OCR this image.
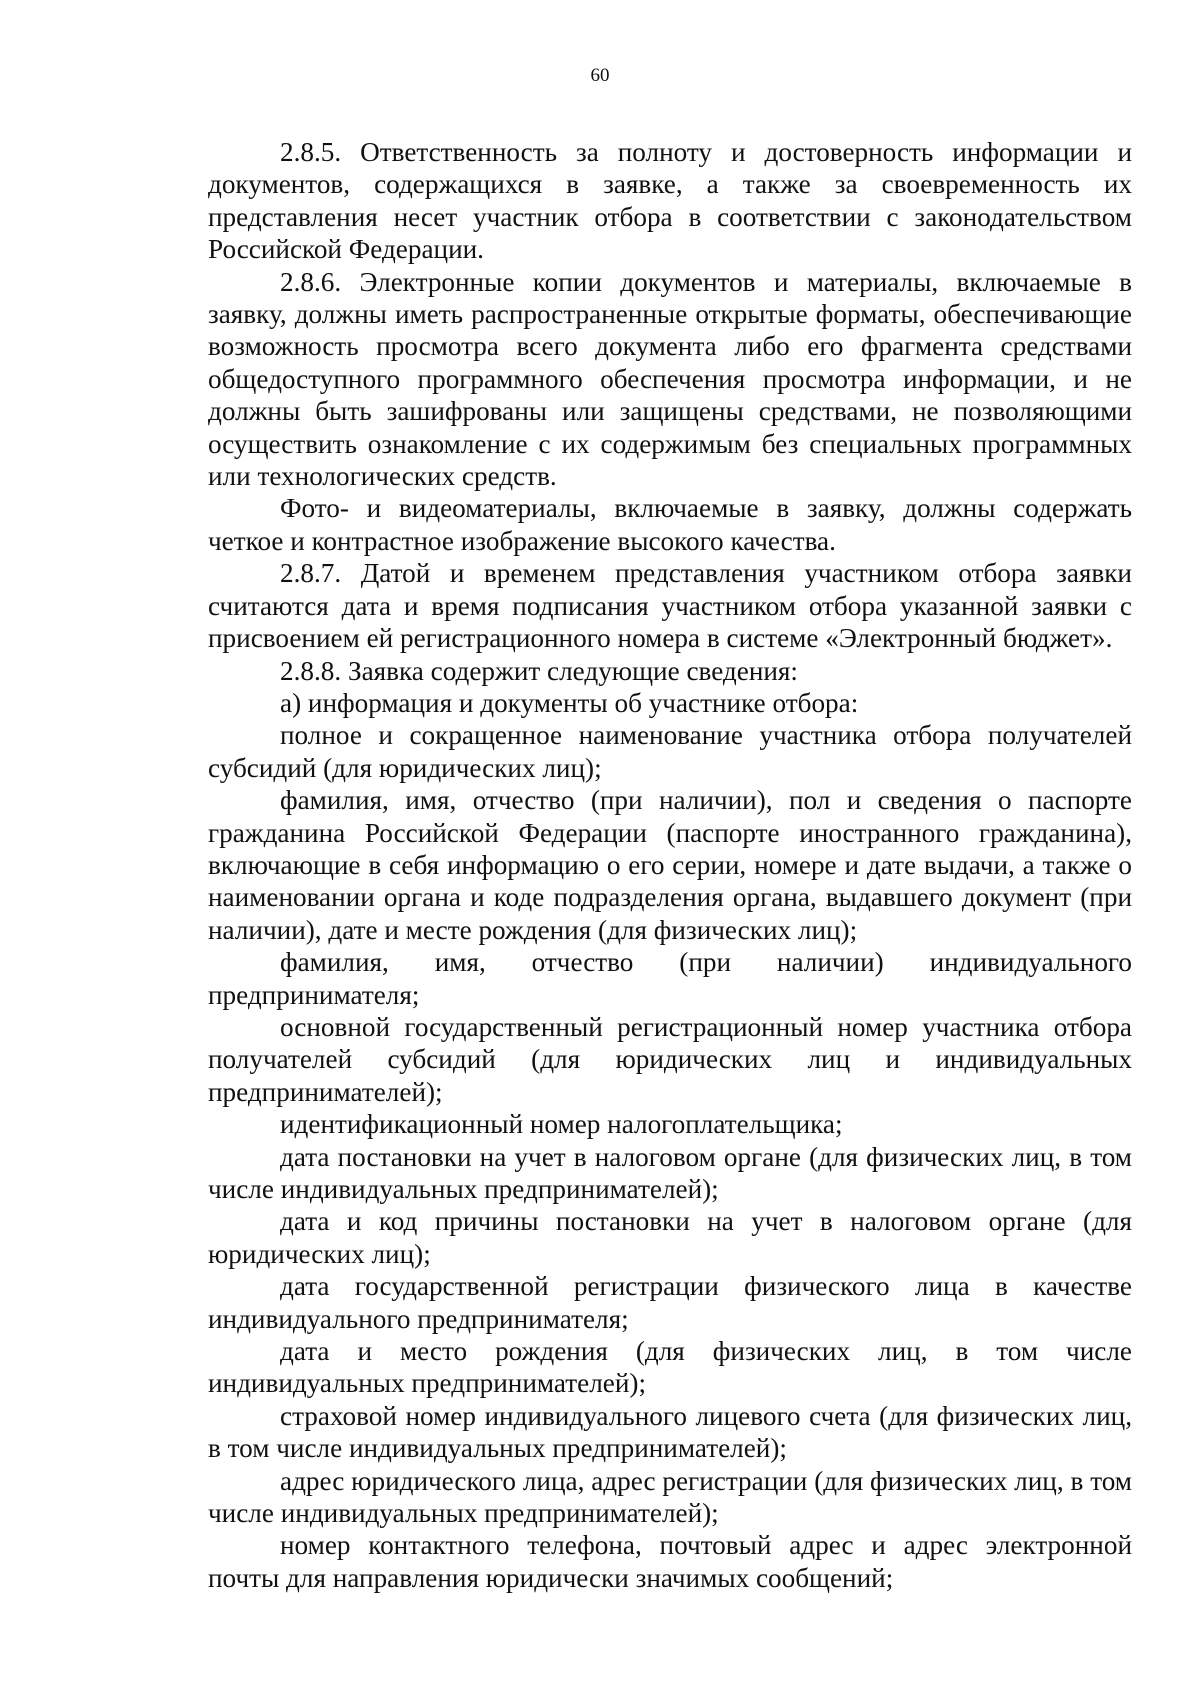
60

2.8.5. Ответственность за полноту и достоверность информации и документов, содержащихся в заявке, а также за своевременность их представления несет участник отбора в соответствии с законодательством Российской Федерации.

2.8.6. Электронные копии документов и материалы, включаемые в заявку, должны иметь распространенные открытые форматы, обеспечивающие возможность просмотра всего документа либо его фрагмента средствами общедоступного программного обеспечения просмотра информации, и не должны быть зашифрованы или защищены средствами, не позволяющими осуществить ознакомление с их содержимым без специальных программных или технологических средств.

Фото- и видеоматериалы, включаемые в заявку, должны содержать четкое и контрастное изображение высокого качества.

2.8.7. Датой и временем представления участником отбора заявки считаются дата и время подписания участником отбора указанной заявки с присвоением ей регистрационного номера в системе «Электронный бюджет».

2.8.8. Заявка содержит следующие сведения:

а) информация и документы об участнике отбора:

полное и сокращенное наименование участника отбора получателей субсидий (для юридических лиц);

фамилия, имя, отчество (при наличии), пол и сведения о паспорте гражданина Российской Федерации (паспорте иностранного гражданина), включающие в себя информацию о его серии, номере и дате выдачи, а также о наименовании органа и коде подразделения органа, выдавшего документ (при наличии), дате и месте рождения (для физических лиц);

фамилия, имя, отчество (при наличии) индивидуального предпринимателя;

основной государственный регистрационный номер участника отбора получателей субсидий (для юридических лиц и индивидуальных предпринимателей);

идентификационный номер налогоплательщика;

дата постановки на учет в налоговом органе (для физических лиц, в том числе индивидуальных предпринимателей);

дата и код причины постановки на учет в налоговом органе (для юридических лиц);

дата государственной регистрации физического лица в качестве индивидуального предпринимателя;

дата и место рождения (для физических лиц, в том числе индивидуальных предпринимателей);

страховой номер индивидуального лицевого счета (для физических лиц, в том числе индивидуальных предпринимателей);

адрес юридического лица, адрес регистрации (для физических лиц, в том числе индивидуальных предпринимателей);

номер контактного телефона, почтовый адрес и адрес электронной почты для направления юридически значимых сообщений;
